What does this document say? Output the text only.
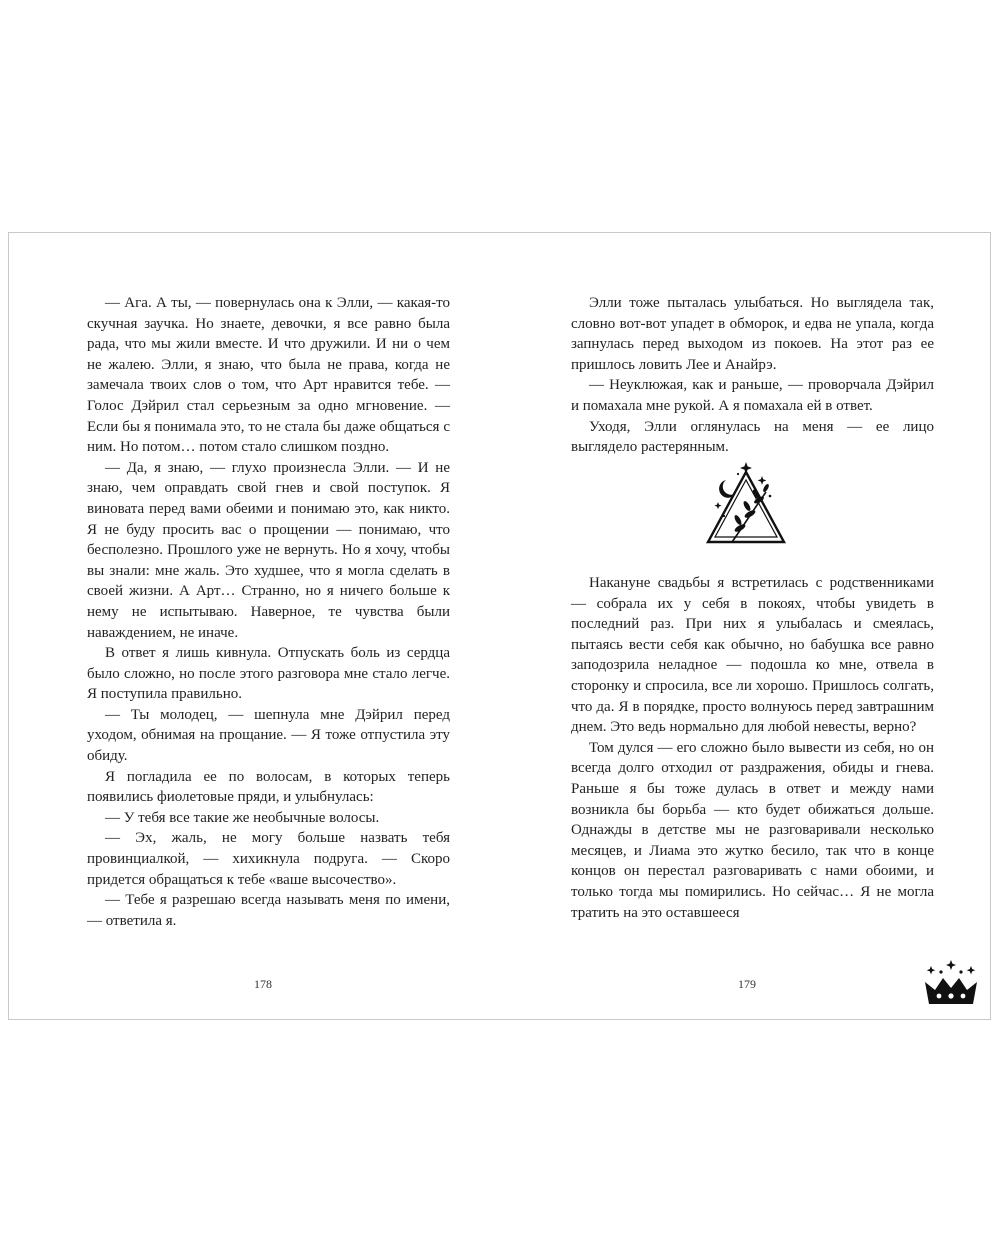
— Ага. А ты, — повернулась она к Элли, — какая-то скучная заучка. Но знаете, девочки, я все равно была рада, что мы жили вместе. И что дружили. И ни о чем не жалею. Элли, я знаю, что была не права, когда не замечала твоих слов о том, что Арт нравится тебе. — Голос Дэйрил стал серьезным за одно мгновение. — Если бы я понимала это, то не стала бы даже общаться с ним. Но потом… потом стало слишком поздно.

— Да, я знаю, — глухо произнесла Элли. — И не знаю, чем оправдать свой гнев и свой поступок. Я виновата перед вами обеими и понимаю это, как никто. Я не буду просить вас о прощении — понимаю, что бесполезно. Прошлого уже не вернуть. Но я хочу, чтобы вы знали: мне жаль. Это худшее, что я могла сделать в своей жизни. А Арт… Странно, но я ничего больше к нему не испытываю. Наверное, те чувства были наваждением, не иначе.

В ответ я лишь кивнула. Отпускать боль из сердца было сложно, но после этого разговора мне стало легче. Я поступила правильно.

— Ты молодец, — шепнула мне Дэйрил перед уходом, обнимая на прощание. — Я тоже отпустила эту обиду.

Я погладила ее по волосам, в которых теперь появились фиолетовые пряди, и улыбнулась:

— У тебя все такие же необычные волосы.

— Эх, жаль, не могу больше назвать тебя провинциалкой, — хихикнула подруга. — Скоро придется обращаться к тебе «ваше высочество».

— Тебе я разрешаю всегда называть меня по имени, — ответила я.

178

Элли тоже пыталась улыбаться. Но выглядела так, словно вот-вот упадет в обморок, и едва не упала, когда запнулась перед выходом из покоев. На этот раз ее пришлось ловить Лее и Анайрэ.

— Неуклюжая, как и раньше, — проворчала Дэйрил и помахала мне рукой. А я помахала ей в ответ.

Уходя, Элли оглянулась на меня — ее лицо выглядело растерянным.

Накануне свадьбы я встретилась с родственниками — собрала их у себя в покоях, чтобы увидеть в последний раз. При них я улыбалась и смеялась, пытаясь вести себя как обычно, но бабушка все равно заподозрила неладное — подошла ко мне, отвела в сторонку и спросила, все ли хорошо. Пришлось солгать, что да. Я в порядке, просто волнуюсь перед завтрашним днем. Это ведь нормально для любой невесты, верно?

Том дулся — его сложно было вывести из себя, но он всегда долго отходил от раздражения, обиды и гнева. Раньше я бы тоже дулась в ответ и между нами возникла бы борьба — кто будет обижаться дольше. Однажды в детстве мы не разговаривали несколько месяцев, и Лиама это жутко бесило, так что в конце концов он перестал разговаривать с нами обоими, и только тогда мы помирились. Но сейчас… Я не могла тратить на это оставшееся

179
